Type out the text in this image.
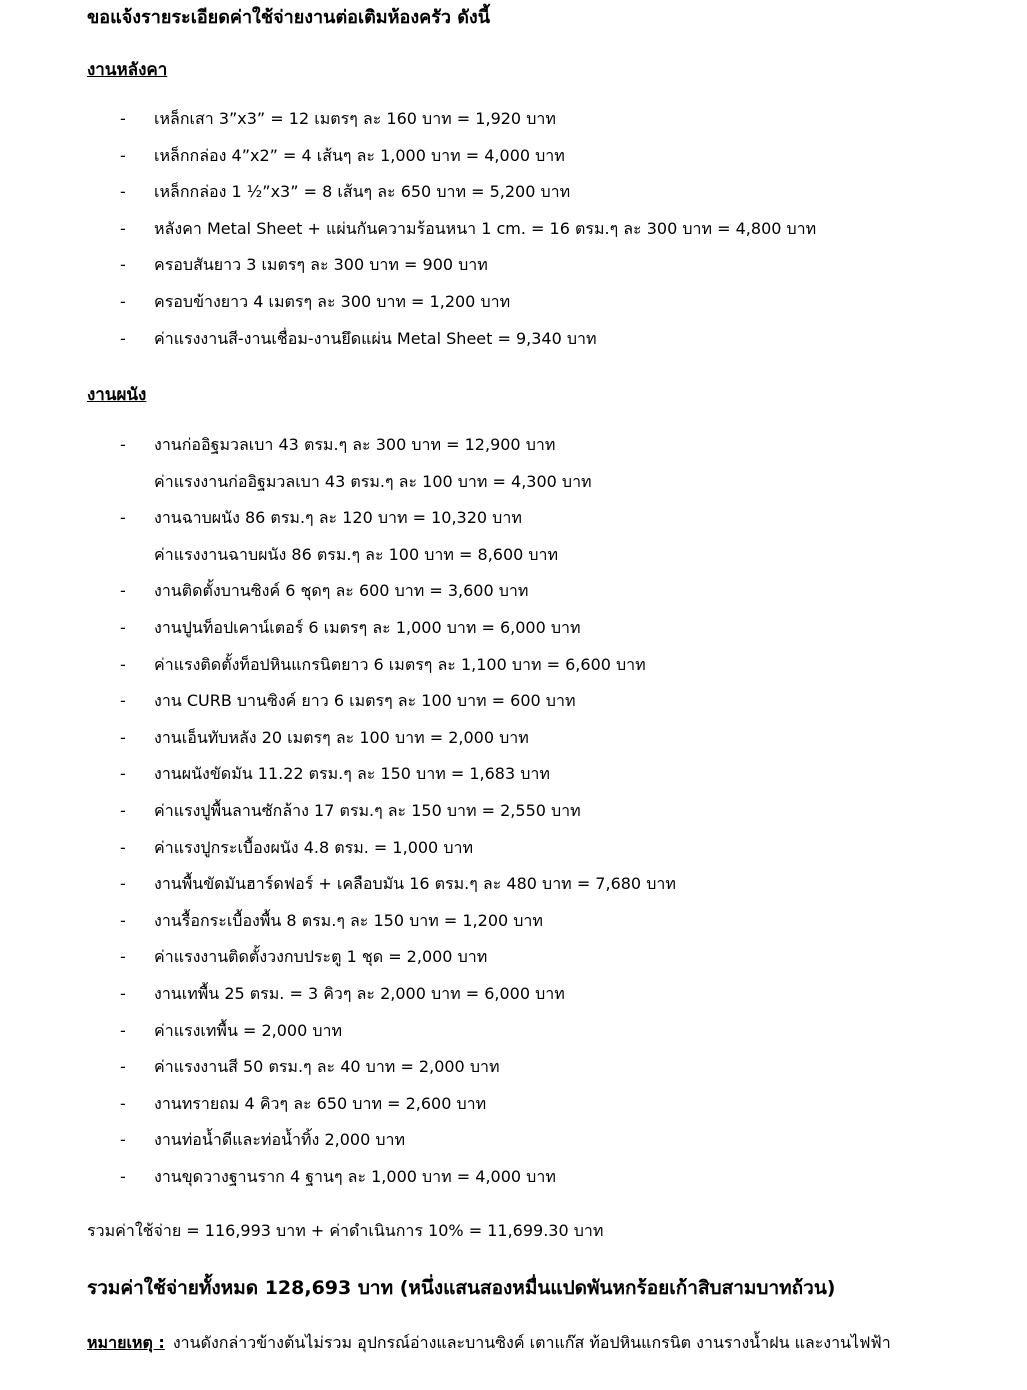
ขอแจ้งรายระเอียดค่าใช้จ่ายงานต่อเติมห้องครัว ดังนี้
งานหลังคา
- เหล็กเสา 3”x3” = 12 เมตรๆ ละ 160 บาท = 1,920 บาท
- เหล็กกล่อง 4”x2” = 4 เส้นๆ ละ 1,000 บาท = 4,000 บาท
- เหล็กกล่อง 1 ½”x3” = 8 เส้นๆ ละ 650 บาท = 5,200 บาท
- หลังคา Metal Sheet + แผ่นกันความร้อนหนา 1 cm. = 16 ตรม.ๆ ละ 300 บาท = 4,800 บาท
- ครอบสันยาว 3 เมตรๆ ละ 300 บาท = 900 บาท
- ครอบข้างยาว 4 เมตรๆ ละ 300 บาท = 1,200 บาท
- ค่าแรงงานสี-งานเชื่อม-งานยึดแผ่น Metal Sheet = 9,340 บาท
งานผนัง
- งานก่ออิฐมวลเบา 43 ตรม.ๆ ละ 300 บาท = 12,900 บาท
ค่าแรงงานก่ออิฐมวลเบา 43 ตรม.ๆ ละ 100 บาท = 4,300 บาท
- งานฉาบผนัง 86 ตรม.ๆ ละ 120 บาท = 10,320 บาท
ค่าแรงงานฉาบผนัง 86 ตรม.ๆ ละ 100 บาท = 8,600 บาท
- งานติดตั้งบานซิงค์ 6 ชุดๆ ละ 600 บาท = 3,600 บาท
- งานปูนท็อปเคาน์เตอร์ 6 เมตรๆ ละ 1,000 บาท = 6,000 บาท
- ค่าแรงติดตั้งท็อปหินแกรนิตยาว 6 เมตรๆ ละ 1,100 บาท = 6,600 บาท
- งาน CURB บานซิงค์ ยาว 6 เมตรๆ ละ 100 บาท = 600 บาท
- งานเอ็นทับหลัง 20 เมตรๆ ละ 100 บาท = 2,000 บาท
- งานผนังขัดมัน 11.22 ตรม.ๆ ละ 150 บาท = 1,683 บาท
- ค่าแรงปูพื้นลานซักล้าง 17 ตรม.ๆ ละ 150 บาท = 2,550 บาท
- ค่าแรงปูกระเบื้องผนัง 4.8 ตรม. = 1,000 บาท
- งานพื้นขัดมันฮาร์ดฟอร์ + เคลือบมัน 16 ตรม.ๆ ละ 480 บาท = 7,680 บาท
- งานรื้อกระเบื้องพื้น 8 ตรม.ๆ ละ 150 บาท = 1,200 บาท
- ค่าแรงงานติดตั้งวงกบประตู 1 ชุด = 2,000 บาท
- งานเทพื้น 25 ตรม. = 3 คิวๆ ละ 2,000 บาท = 6,000 บาท
- ค่าแรงเทพื้น = 2,000 บาท
- ค่าแรงงานสี 50 ตรม.ๆ ละ 40 บาท = 2,000 บาท
- งานทรายถม 4 คิวๆ ละ 650 บาท = 2,600 บาท
- งานท่อน้ำดีและท่อน้ำทิ้ง 2,000 บาท
- งานขุดวางฐานราก 4 ฐานๆ ละ 1,000 บาท = 4,000 บาท
รวมค่าใช้จ่าย = 116,993 บาท + ค่าดำเนินการ 10% = 11,699.30 บาท
รวมค่าใช้จ่ายทั้งหมด 128,693 บาท (หนึ่งแสนสองหมื่นแปดพันหกร้อยเก้าสิบสามบาทถ้วน)
หมายเหตุ : งานดังกล่าวข้างต้นไม่รวม อุปกรณ์อ่างและบานซิงค์ เตาแก๊ส ท้อปหินแกรนิต งานรางน้ำฝน และงานไฟฟ้า
